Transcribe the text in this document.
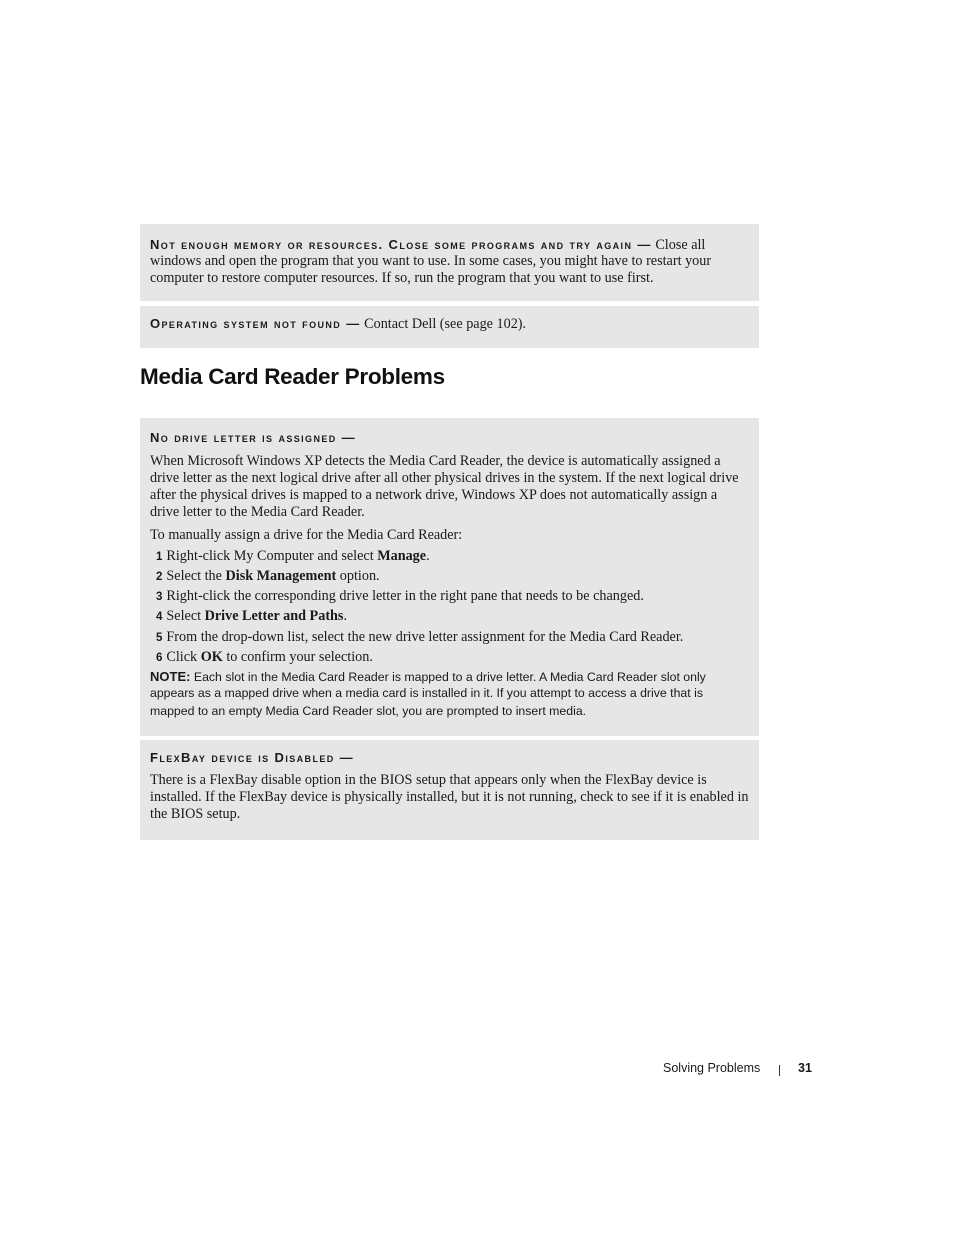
Not enough memory or resources. Close some programs and try again — Close all

windows and open the program that you want to use. In some cases, you might have to restart your

computer to restore computer resources. If so, run the program that you want to use first.

Operating system not found — Contact Dell (see page 102).

Media Card Reader Problems

No drive letter is assigned —

When Microsoft Windows XP detects the Media Card Reader, the device is automatically assigned a

drive letter as the next logical drive after all other physical drives in the system. If the next logical drive

after the physical drives is mapped to a network drive, Windows XP does not automatically assign a

drive letter to the Media Card Reader.

To manually assign a drive for the Media Card Reader:

1 Right-click My Computer and select Manage.

2 Select the Disk Management option.

3 Right-click the corresponding drive letter in the right pane that needs to be changed.

4 Select Drive Letter and Paths.

5 From the drop-down list, select the new drive letter assignment for the Media Card Reader.

6 Click OK to confirm your selection.

NOTE: Each slot in the Media Card Reader is mapped to a drive letter. A Media Card Reader slot only

appears as a mapped drive when a media card is installed in it. If you attempt to access a drive that is

mapped to an empty Media Card Reader slot, you are prompted to insert media.

FlexBay device is Disabled —

There is a FlexBay disable option in the BIOS setup that appears only when the FlexBay device is

installed. If the FlexBay device is physically installed, but it is not running, check to see if it is enabled in

the BIOS setup.

Solving Problems	31
